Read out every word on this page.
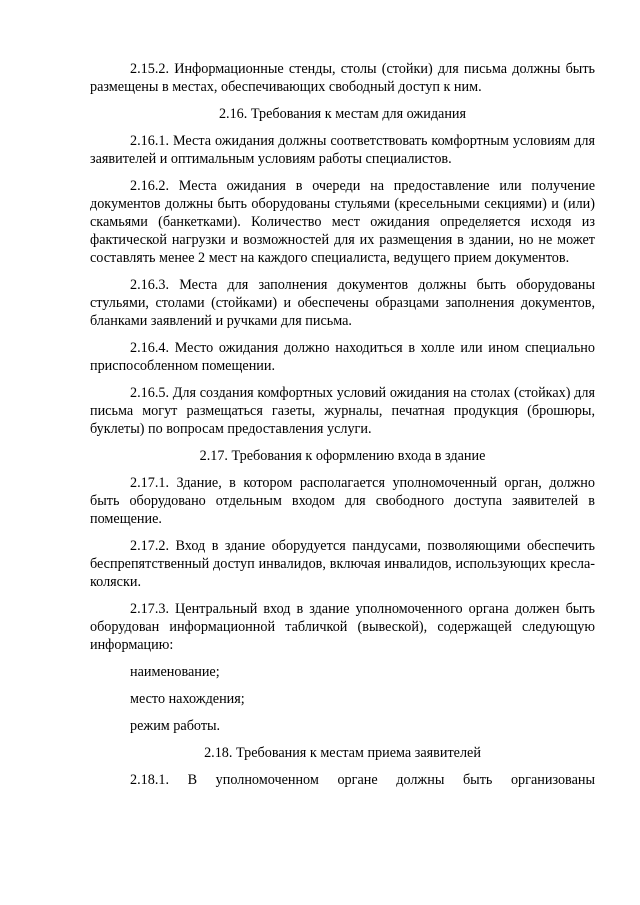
2.15.2. Информационные стенды, столы (стойки) для письма должны быть размещены в местах, обеспечивающих свободный доступ к ним.

2.16. Требования к местам для ожидания

2.16.1. Места ожидания должны соответствовать комфортным условиям для заявителей и оптимальным условиям работы специалистов.

2.16.2. Места ожидания в очереди на предоставление или получение документов должны быть оборудованы стульями (кресельными секциями) и (или) скамьями (банкетками). Количество мест ожидания определяется исходя из фактической нагрузки и возможностей для их размещения в здании, но не может составлять менее 2 мест на каждого специалиста, ведущего прием документов.

2.16.3. Места для заполнения документов должны быть оборудованы стульями, столами (стойками) и обеспечены образцами заполнения документов, бланками заявлений и ручками для письма.

2.16.4. Место ожидания должно находиться в холле или ином специально приспособленном помещении.

2.16.5. Для создания комфортных условий ожидания на столах (стойках) для письма могут размещаться газеты, журналы, печатная продукция (брошюры, буклеты) по вопросам предоставления услуги.

2.17. Требования к оформлению входа в здание

2.17.1. Здание, в котором располагается уполномоченный орган, должно быть оборудовано отдельным входом для свободного доступа заявителей в помещение.

2.17.2. Вход в здание оборудуется пандусами, позволяющими обеспечить беспрепятственный доступ инвалидов, включая инвалидов, использующих кресла-коляски.

2.17.3. Центральный вход в здание уполномоченного органа должен быть оборудован информационной табличкой (вывеской), содержащей следующую информацию:

наименование;

место нахождения;

режим работы.

2.18. Требования к местам приема заявителей

2.18.1. В уполномоченном органе должны быть организованы
